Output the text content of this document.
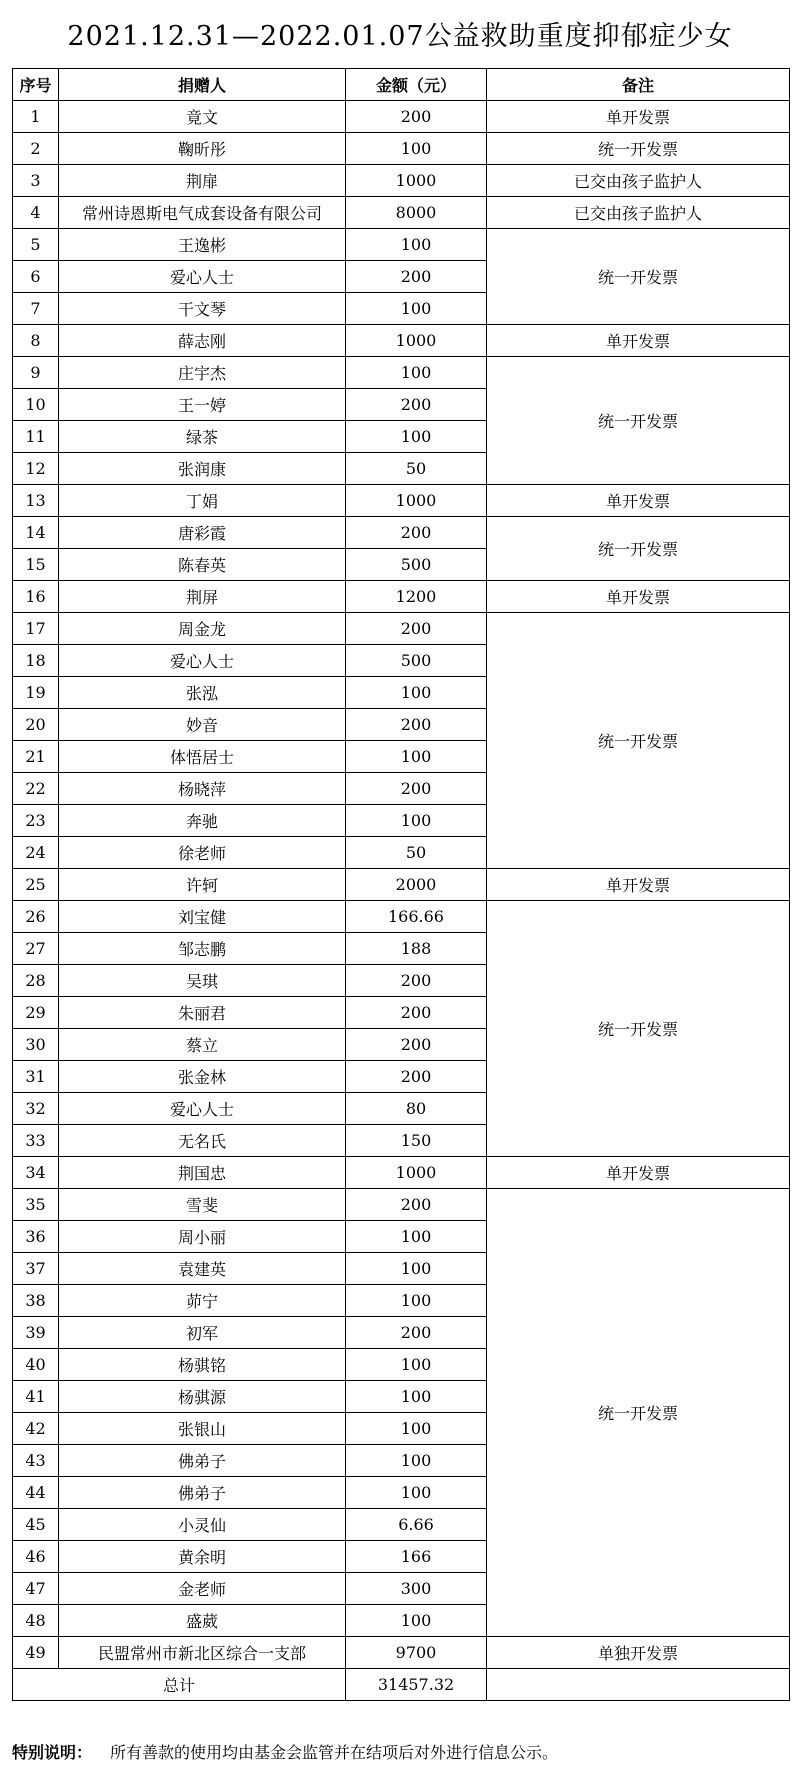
2021.12.31—2022.01.07公益救助重度抑郁症少女
序号	捐赠人	金额（元）	备注
1	竟文	200	单开发票
2	鞠昕彤	100	统一开发票
3	荆扉	1000	已交由孩子监护人
4	常州诗恩斯电气成套设备有限公司	8000	已交由孩子监护人
5	王逸彬	100	统一开发票
6	爱心人士	200	
7	干文琴	100	
8	薛志刚	1000	单开发票
9	庄宇杰	100	统一开发票
10	王一婷	200	
11	绿茶	100	
12	张润康	50	
13	丁娟	1000	单开发票
14	唐彩霞	200	统一开发票
15	陈春英	500	
16	荆屏	1200	单开发票
17	周金龙	200	统一开发票
18	爱心人士	500	
19	张泓	100	
20	妙音	200	
21	体悟居士	100	
22	杨晓萍	200	
23	奔驰	100	
24	徐老师	50	
25	许轲	2000	单开发票
26	刘宝健	166.66	统一开发票
27	邹志鹏	188	
28	吴琪	200	
29	朱丽君	200	
30	蔡立	200	
31	张金林	200	
32	爱心人士	80	
33	无名氏	150	
34	荆国忠	1000	单开发票
35	雪斐	200	统一开发票
36	周小丽	100	
37	袁建英	100	
38	茆宁	100	
39	初军	200	
40	杨骐铭	100	
41	杨骐源	100	
42	张银山	100	
43	佛弟子	100	
44	佛弟子	100	
45	小灵仙	6.66	
46	黄余明	166	
47	金老师	300	
48	盛葳	100	
49	民盟常州市新北区综合一支部	9700	单独开发票
总计		31457.32	
特别说明： 所有善款的使用均由基金会监管并在结项后对外进行信息公示。
